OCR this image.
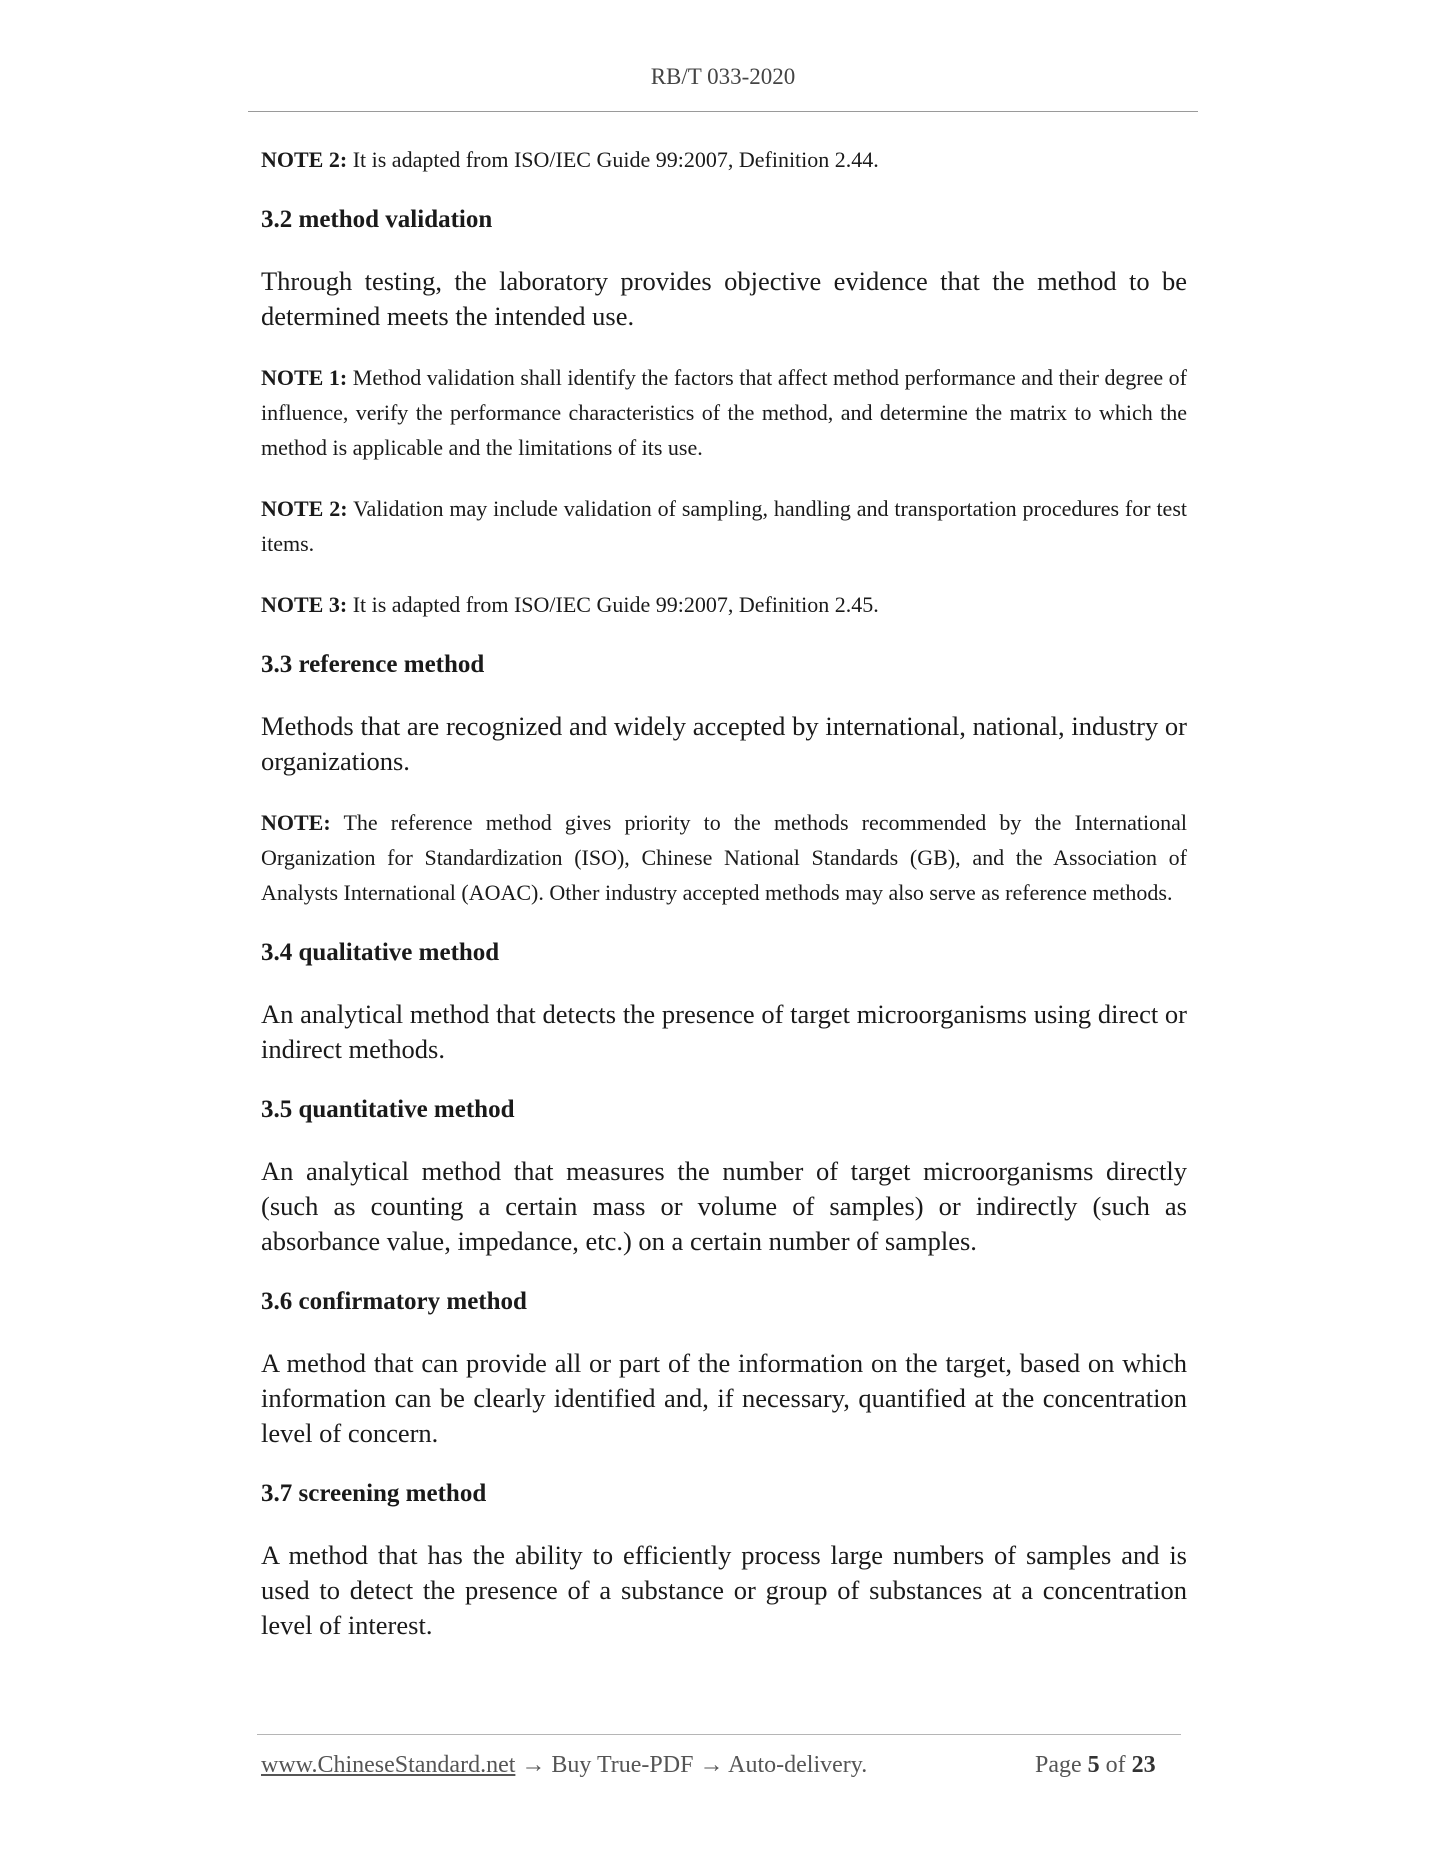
RB/T 033-2020

NOTE 2: It is adapted from ISO/IEC Guide 99:2007, Definition 2.44.

3.2 method validation

Through testing, the laboratory provides objective evidence that the method to be determined meets the intended use.

NOTE 1: Method validation shall identify the factors that affect method performance and their degree of influence, verify the performance characteristics of the method, and determine the matrix to which the method is applicable and the limitations of its use.

NOTE 2: Validation may include validation of sampling, handling and transportation procedures for test items.

NOTE 3: It is adapted from ISO/IEC Guide 99:2007, Definition 2.45.

3.3 reference method

Methods that are recognized and widely accepted by international, national, industry or organizations.

NOTE: The reference method gives priority to the methods recommended by the International Organization for Standardization (ISO), Chinese National Standards (GB), and the Association of Analysts International (AOAC). Other industry accepted methods may also serve as reference methods.

3.4 qualitative method

An analytical method that detects the presence of target microorganisms using direct or indirect methods.

3.5 quantitative method

An analytical method that measures the number of target microorganisms directly (such as counting a certain mass or volume of samples) or indirectly (such as absorbance value, impedance, etc.) on a certain number of samples.

3.6 confirmatory method

A method that can provide all or part of the information on the target, based on which information can be clearly identified and, if necessary, quantified at the concentration level of concern.

3.7 screening method

A method that has the ability to efficiently process large numbers of samples and is used to detect the presence of a substance or group of substances at a concentration level of interest.

www.ChineseStandard.net → Buy True-PDF → Auto-delivery.	Page 5 of 23
